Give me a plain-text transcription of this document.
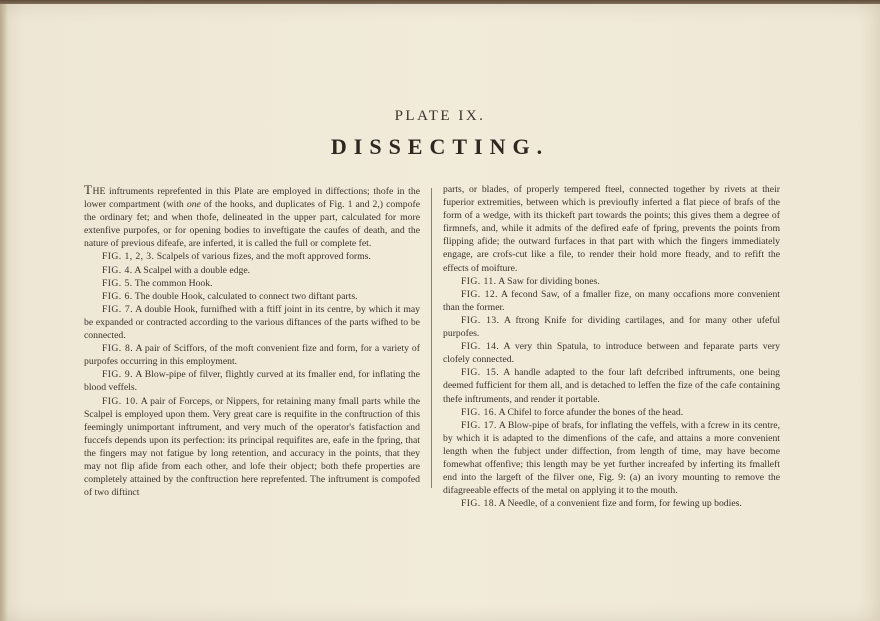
PLATE IX.
DISSECTING.

THE inftruments reprefented in this Plate are employed in diffections; thofe in the lower compartment (with one of the hooks, and duplicates of Fig. 1 and 2,) compofe the ordinary fet; and when thofe, delineated in the upper part, calculated for more extenfive purpofes, or for opening bodies to inveftigate the caufes of death, and the nature of previous difeafe, are inferted, it is called the full or complete fet.

FIG. 1, 2, 3. Scalpels of various fizes, and the moft approved forms.

FIG. 4. A Scalpel with a double edge.

FIG. 5. The common Hook.

FIG. 6. The double Hook, calculated to connect two diftant parts.

FIG. 7. A double Hook, furnifhed with a ftiff joint in its centre, by which it may be expanded or contracted according to the various diftances of the parts wifhed to be connected.

FIG. 8. A pair of Sciffors, of the moft convenient fize and form, for a variety of purpofes occurring in this employment.

FIG. 9. A Blow-pipe of filver, flightly curved at its fmaller end, for inflating the blood veffels.

FIG. 10. A pair of Forceps, or Nippers, for retaining many fmall parts while the Scalpel is employed upon them. Very great care is requifite in the conftruction of this feemingly unimportant inftrument, and very much of the operator's fatisfaction and fuccefs depends upon its perfection: its principal requifites are, eafe in the fpring, that the fingers may not fatigue by long retention, and accuracy in the points, that they may not flip afide from each other, and lofe their object; both thefe properties are completely attained by the conftruction here reprefented. The inftrument is compofed of two diftinct

parts, or blades, of properly tempered fteel, connected together by rivets at their fuperior extremities, between which is previoufly inferted a flat piece of brafs of the form of a wedge, with its thickeft part towards the points; this gives them a degree of firmnefs, and, while it admits of the defired eafe of fpring, prevents the points from flipping afide; the outward furfaces in that part with which the fingers immediately engage, are crofs-cut like a file, to render their hold more fteady, and to refift the effects of moifture.

FIG. 11. A Saw for dividing bones.

FIG. 12. A fecond Saw, of a fmaller fize, on many occafions more convenient than the former.

FIG. 13. A ftrong Knife for dividing cartilages, and for many other ufeful purpofes.

FIG. 14. A very thin Spatula, to introduce between and feparate parts very clofely connected.

FIG. 15. A handle adapted to the four laft defcribed inftruments, one being deemed fufficient for them all, and is detached to leffen the fize of the cafe containing thefe inftruments, and render it portable.

FIG. 16. A Chifel to force afunder the bones of the head.

FIG. 17. A Blow-pipe of brafs, for inflating the veffels, with a fcrew in its centre, by which it is adapted to the dimenfions of the cafe, and attains a more convenient length when the fubject under diffection, from length of time, may have become fomewhat offenfive; this length may be yet further increafed by inferting its fmalleft end into the largeft of the filver one, Fig. 9: (a) an ivory mounting to remove the difagreeable effects of the metal on applying it to the mouth.

FIG. 18. A Needle, of a convenient fize and form, for fewing up bodies.
